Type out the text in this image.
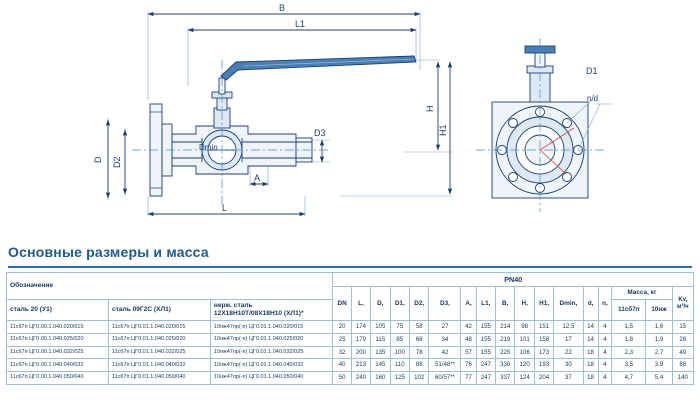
В
L1
L
A
D D2
D3
H
H1
Dmin
D1
n/d
Основные размеры и масса
Обозначение			PN40																
			DN	L,	D,	D1,	D2,	D3,	A,	L1,	B,	H,	H1,	Dmin,	d,	n,	Масса, кг		Kv,
м³/ч
сталь 20 (У1)	сталь 09Г2С (ХЛ1)	нерж. сталь
12Х18Н10Т/08Х18Н10 (ХЛ1)*															11сб7п	10нж	
11с67п ЦГ0.00.1.040.020/015	11с67п ЦГ0.01.1.040.020/015	10нж47пр(-п) ЦГ0.01.1.040.020/015	20	174	105	75	58	27	42	155	214	98	151	12,5	14	4	1,5	1,6	15
11с67п ЦГ0.00.1.040.025/020	11с67п ЦГ0.01.1.040.025/020	10нж47пр(-п) ЦГ0.01.1.040.025/020	25	179	115	85	68	34	48	155	219	101	158	17	14	4	1,8	1,9	28
11с67п ЦГ0.00.1.040.032/025	11с67п ЦГ0.01.1.040.032/025	10нж47пр(-п) ЦГ0.01.1.040.032/025	32	200	135	100	78	42	57	155	225	106	173	22	18	4	2,3	2,7	49
11с67п ЦГ0.00.1.040.040/032	11с67п ЦГ0.01.1.040.040/032	10нж47пр(-п) ЦГ0.01.1.040.040/032	40	213	145	110	88	51/48**	76	247	330	120	193	30	18	4	3,5	3,9	88
11с67п ЦГ0.00.1.040.050/040	11с67п ЦГ0.01.1.040.050/040	10нж47пр(-п) ЦГ0.01.1.040.050/040	50	240	160	125	102	60/57**	77	247	337	124	204	37	18	4	4,7	5,4	140
